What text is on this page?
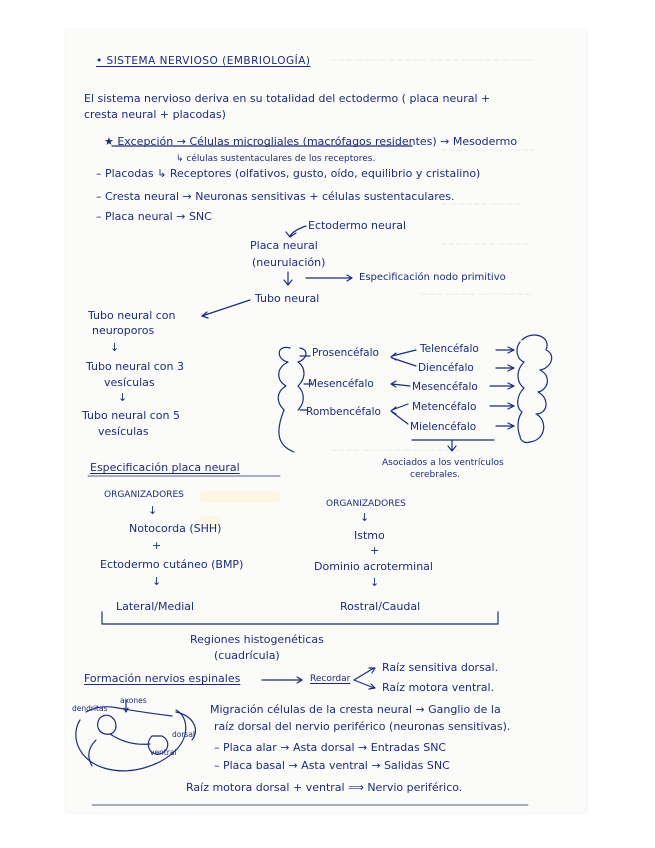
~~~ ~~~~ ~~~~~ ~~~~ ~~~~~ ~~~~
~~~~ ~~~~ ~~~~
~ ~~~~~ ~~~~
~~~~ ~~~ ~~~~
~~~ ~~~~ ~~~~~~~
~~~~ ~~~~~ ~~~~ ~~~

• SISTEMA NERVIOSO (EMBRIOLOGÍA)

El sistema nervioso deriva en su totalidad del ectodermo ( placa neural +

cresta neural + placodas)

★ Excepción → Células microgliales (macrófagos residentes) → Mesodermo

↳ células sustentaculares de los receptores.

– Placodas ↳ Receptores (olfativos, gusto, oído, equilibrio y cristalino)

– Cresta neural → Neuronas sensitivas + células sustentaculares.

– Placa neural → SNC

Ectodermo neural

Placa neural

(neurulación)

Especificación nodo primitivo

Tubo neural

Tubo neural con

neuroporos

↓

Tubo neural con 3

vesículas

↓

Tubo neural con 5

vesículas

Prosencéfalo

Mesencéfalo

Rombencéfalo

Telencéfalo

Diencéfalo

Mesencéfalo

Metencéfalo

Mielencéfalo

Asociados a los ventrículos

cerebrales.

Especificación placa neural

ORGANIZADORES

ORGANIZADORES

↓

Notocorda (SHH)

+

Ectodermo cutáneo (BMP)

↓

Lateral/Medial

↓

Istmo

+

Dominio acroterminal

↓

Rostral/Caudal

Regiones histogenéticas

(cuadrícula)

Formación nervios espinales	Recordar

Raíz sensitiva dorsal.

Raíz motora ventral.

Migración células de la cresta neural → Ganglio de la

raíz dorsal del nervio periférico (neuronas sensitivas).

– Placa alar → Asta dorsal → Entradas SNC

– Placa basal → Asta ventral → Salidas SNC

Raíz motora dorsal + ventral ⟹ Nervio periférico.

axones

dendritas

dorsal

ventral
